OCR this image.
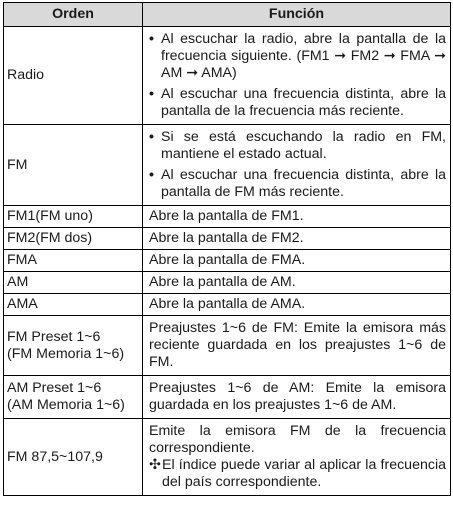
Orden	Función

Radio	• Al escuchar la radio, abre la pantalla de la frecuencia siguiente. (FM1 ➞ FM2 ➞ FMA ➞ AM ➞ AMA)
• Al escuchar una frecuencia distinta, abre la pantalla de la frecuencia más reciente.

FM	• Si se está escuchando la radio en FM, mantiene el estado actual.
• Al escuchar una frecuencia distinta, abre la pantalla de FM más reciente.

FM1(FM uno)	Abre la pantalla de FM1.

FM2(FM dos)	Abre la pantalla de FM2.

FMA	Abre la pantalla de FMA.

AM	Abre la pantalla de AM.

AMA	Abre la pantalla de AMA.

FM Preset 1~6
(FM Memoria 1~6)	Preajustes 1~6 de FM: Emite la emisora más reciente guardada en los preajustes 1~6 de FM.

AM Preset 1~6
(AM Memoria 1~6)	Preajustes 1~6 de AM: Emite la emisora guardada en los preajustes 1~6 de AM.

FM 87,5~107,9	Emite la emisora FM de la frecuencia correspondiente.
✣ El índice puede variar al aplicar la frecuencia del país correspondiente.
